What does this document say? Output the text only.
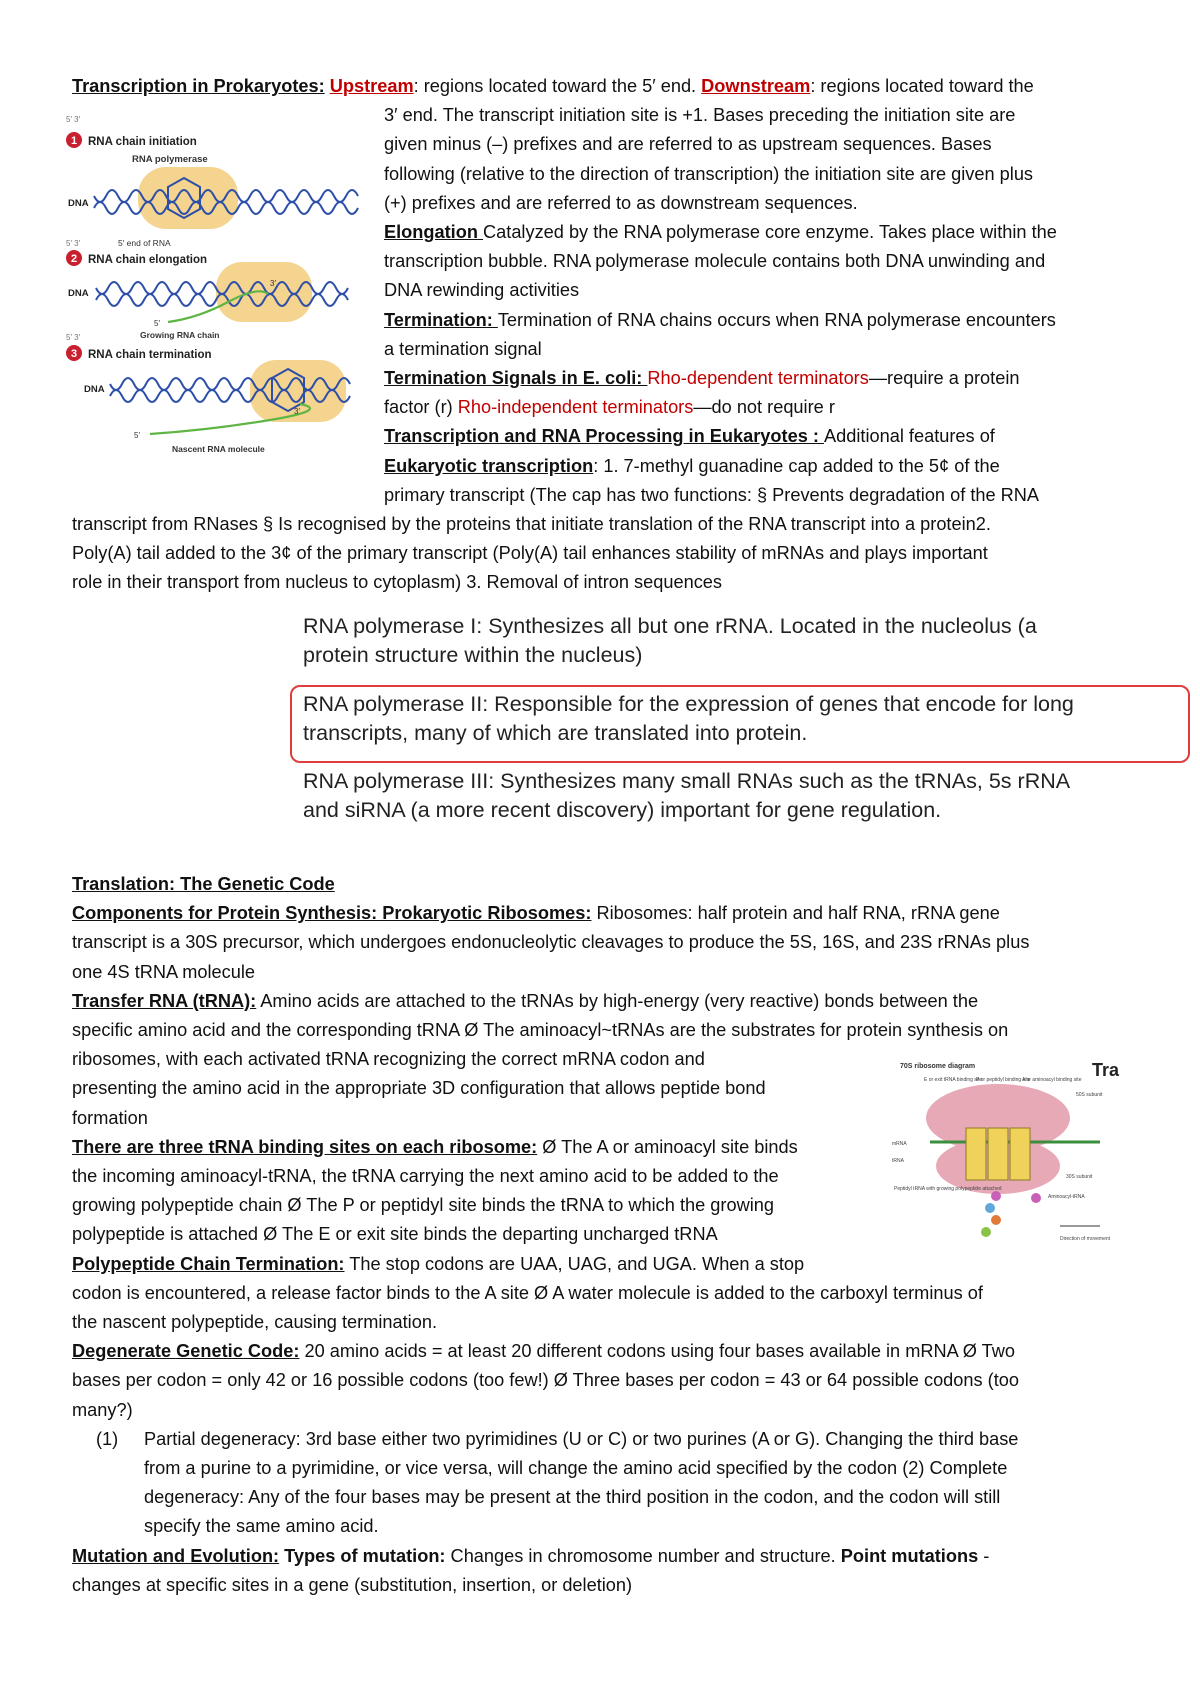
Transcription in Prokaryotes: Upstream: regions located toward the 5′ end. Downstream: regions located toward the
3′ end. The transcript initiation site is +1. Bases preceding the initiation site are
given minus (–) prefixes and are referred to as upstream sequences. Bases
following (relative to the direction of transcription) the initiation site are given plus
(+) prefixes and are referred to as downstream sequences.
Elongation Catalyzed by the RNA polymerase core enzyme. Takes place within the
transcription bubble. RNA polymerase molecule contains both DNA unwinding and
DNA rewinding activities
Termination: Termination of RNA chains occurs when RNA polymerase encounters
a termination signal
Termination Signals in E. coli: Rho-dependent terminators—require a protein
factor (r) Rho-independent terminators—do not require r
Transcription and RNA Processing in Eukaryotes : Additional features of
Eukaryotic transcription: 1. 7-methyl guanadine cap added to the 5¢ of the
primary transcript (The cap has two functions: § Prevents degradation of the RNA
transcript from RNases § Is recognised by the proteins that initiate translation of the RNA transcript into a protein2.
Poly(A) tail added to the 3¢ of the primary transcript (Poly(A) tail enhances stability of mRNAs and plays important
role in their transport from nucleus to cytoplasm) 3. Removal of intron sequences
5′ 3′
1 RNA chain initiation
RNA polymerase
DNA
5′ end of RNA
5′ 3′
2 RNA chain elongation
DNA
3′
5′
Growing RNA chain
5′ 3′
3 RNA chain termination
DNA
3′
5′
Nascent RNA molecule
RNA polymerase I: Synthesizes all but one rRNA. Located in the nucleolus (a
protein structure within the nucleus)
RNA polymerase II: Responsible for the expression of genes that encode for long
transcripts, many of which are translated into protein.
RNA polymerase III: Synthesizes many small RNAs such as the tRNAs, 5s rRNA
and siRNA (a more recent discovery) important for gene regulation.
Translation: The Genetic Code
Components for Protein Synthesis: Prokaryotic Ribosomes: Ribosomes: half protein and half RNA, rRNA gene
transcript is a 30S precursor, which undergoes endonucleolytic cleavages to produce the 5S, 16S, and 23S rRNAs plus
one 4S tRNA molecule
Transfer RNA (tRNA): Amino acids are attached to the tRNAs by high-energy (very reactive) bonds between the
specific amino acid and the corresponding tRNA Ø The aminoacyl~tRNAs are the substrates for protein synthesis on
ribosomes, with each activated tRNA recognizing the correct mRNA codon and
presenting the amino acid in the appropriate 3D configuration that allows peptide bond
formation
There are three tRNA binding sites on each ribosome: Ø The A or aminoacyl site binds
the incoming aminoacyl-tRNA, the tRNA carrying the next amino acid to be added to the
growing polypeptide chain Ø The P or peptidyl site binds the tRNA to which the growing
polypeptide is attached Ø The E or exit site binds the departing uncharged tRNA
Polypeptide Chain Termination: The stop codons are UAA, UAG, and UGA. When a stop
codon is encountered, a release factor binds to the A site Ø A water molecule is added to the carboxyl terminus of
the nascent polypeptide, causing termination.
Degenerate Genetic Code: 20 amino acids = at least 20 different codons using four bases available in mRNA Ø Two
bases per codon = only 42 or 16 possible codons (too few!) Ø Three bases per codon = 43 or 64 possible codons (too
many?)
(1) Partial degeneracy: 3rd base either two pyrimidines (U or C) or two purines (A or G). Changing the third base
from a purine to a pyrimidine, or vice versa, will change the amino acid specified by the codon (2) Complete
degeneracy: Any of the four bases may be present at the third position in the codon, and the codon will still
specify the same amino acid.
Mutation and Evolution: Types of mutation: Changes in chromosome number and structure. Point mutations -
changes at specific sites in a gene (substitution, insertion, or deletion)
70S ribosome diagram	Tra
E or exit tRNA binding site
P or peptidyl binding site
A or aminoacyl binding site
50S subunit
mRNA
tRNA
30S subunit
Peptidyl tRNA with growing polypeptide attached
Aminoacyl-tRNA
Direction of movement
